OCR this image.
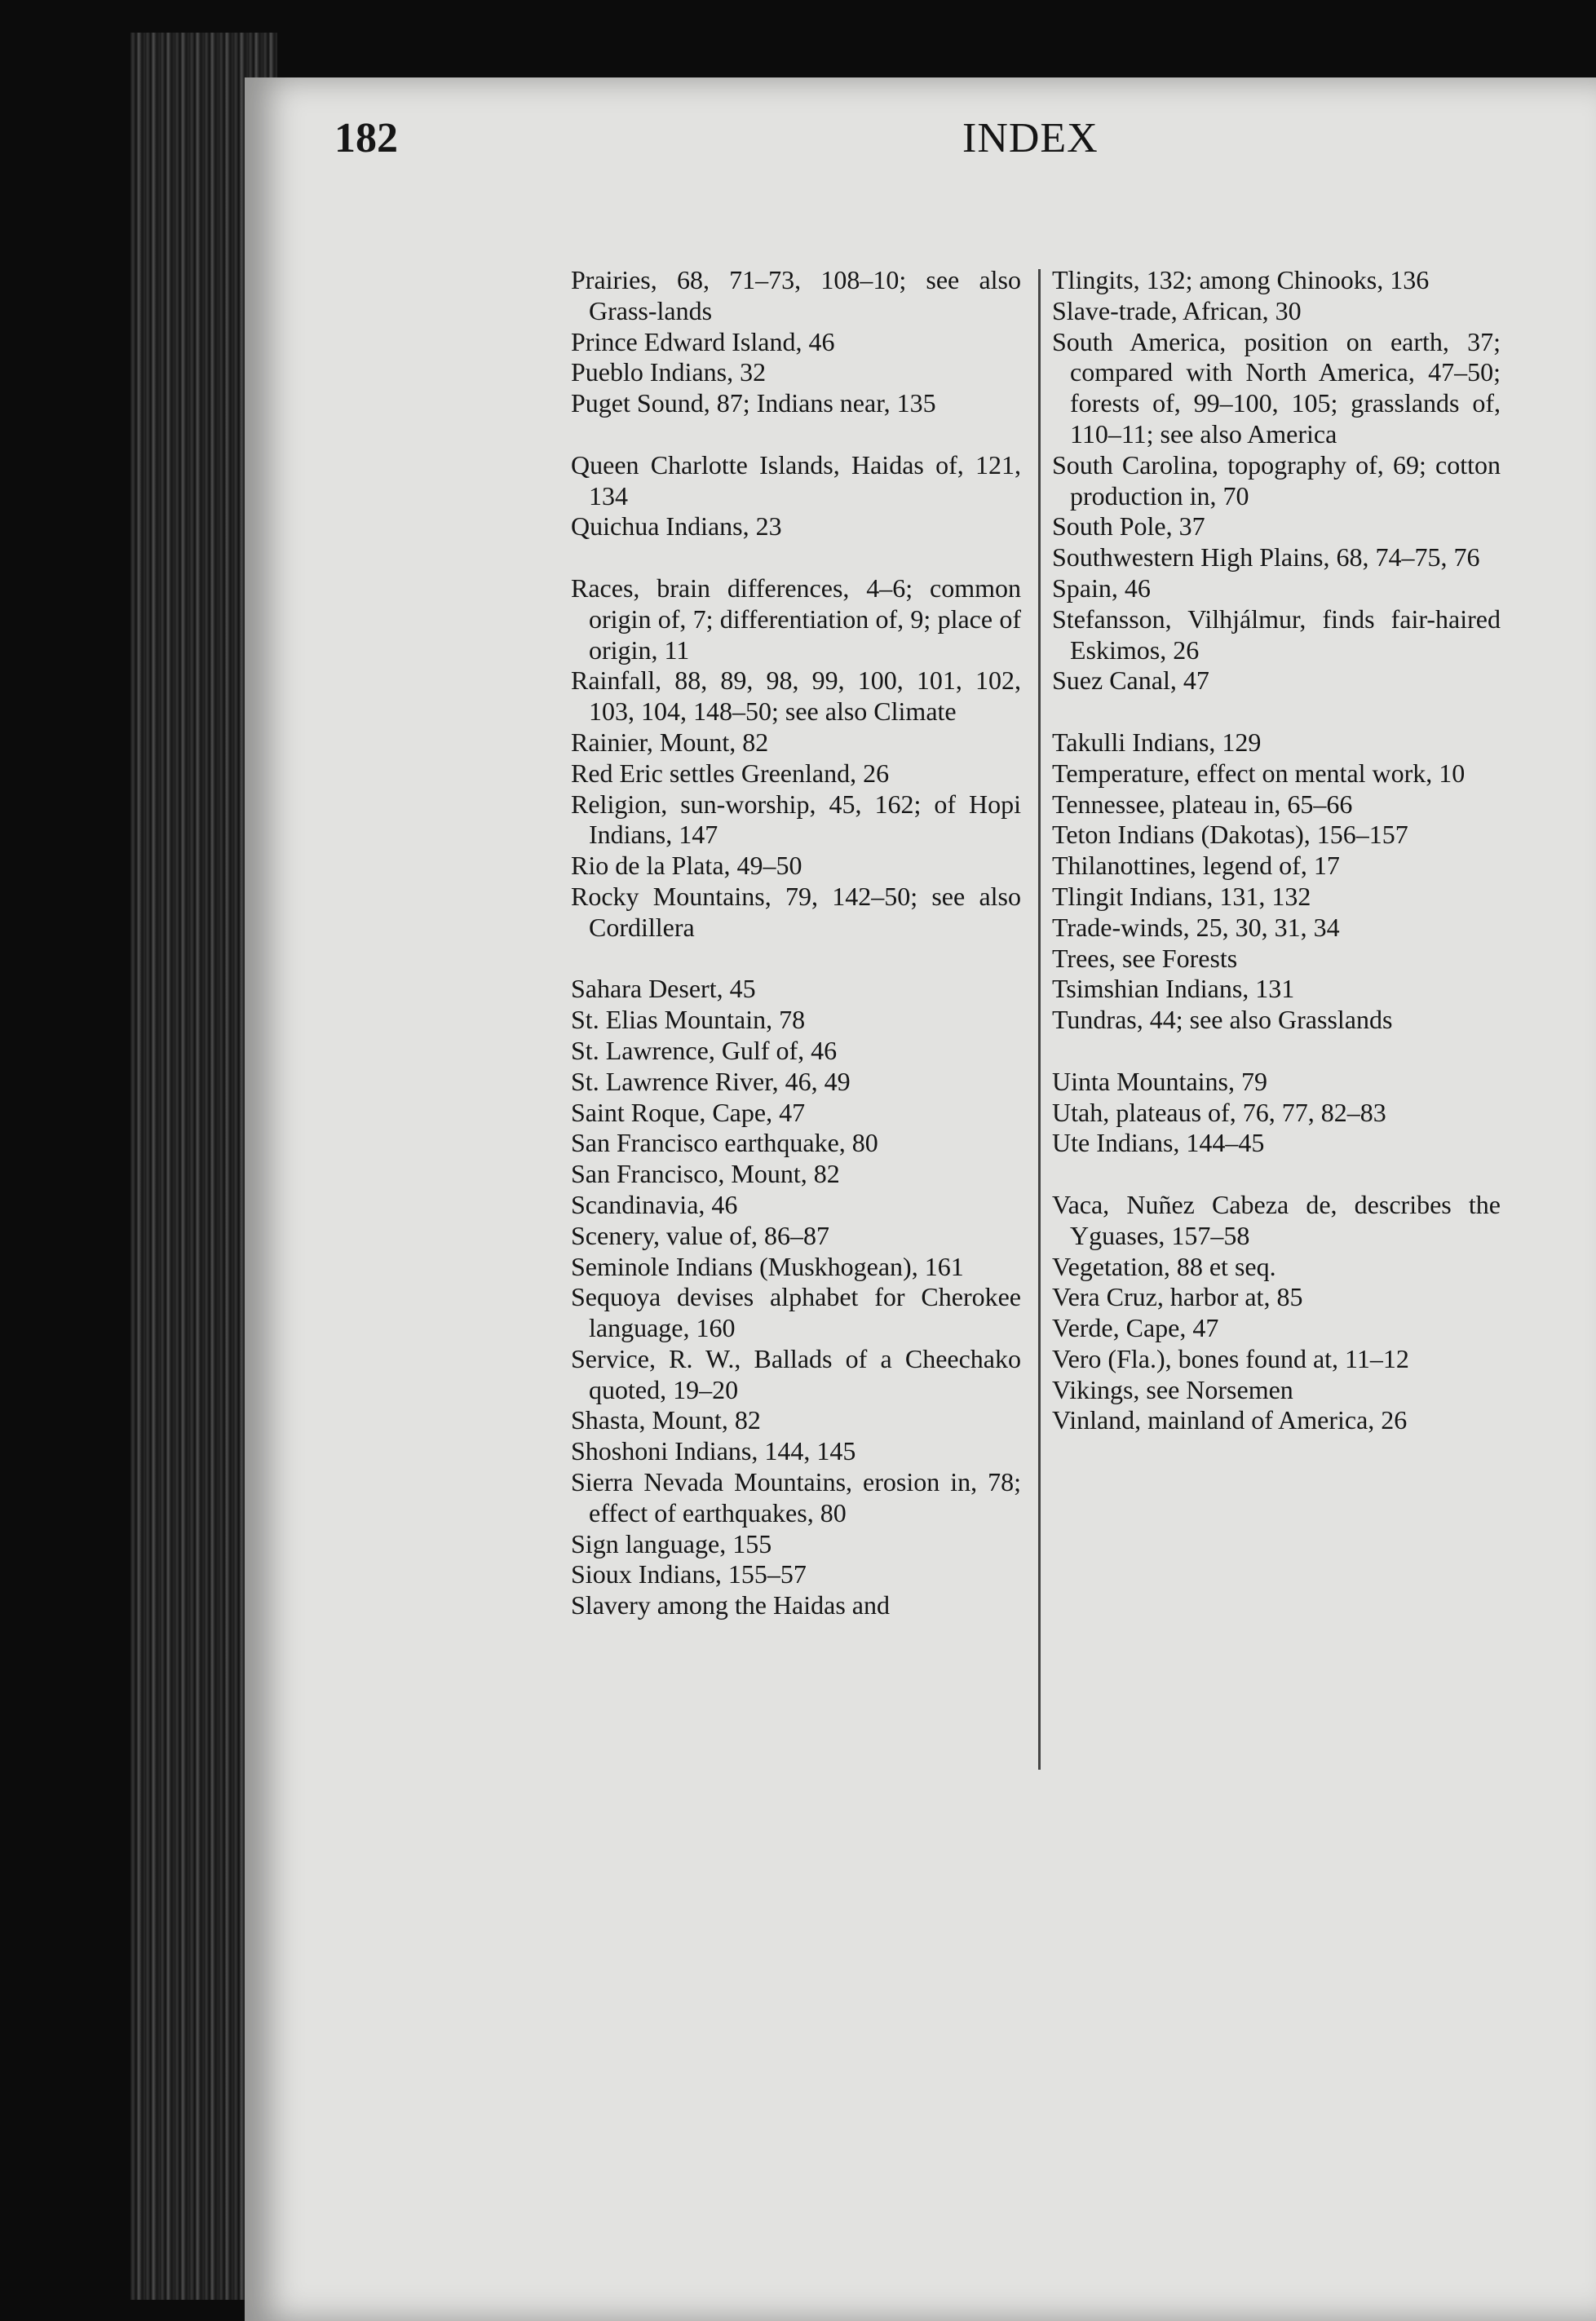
182	INDEX
Prairies, 68, 71–73, 108–10; see also Grass-lands
Prince Edward Island, 46
Pueblo Indians, 32
Puget Sound, 87; Indians near, 135
Queen Charlotte Islands, Haidas of, 121, 134
Quichua Indians, 23
Races, brain differences, 4–6; common origin of, 7; differentiation of, 9; place of origin, 11
Rainfall, 88, 89, 98, 99, 100, 101, 102, 103, 104, 148–50; see also Climate
Rainier, Mount, 82
Red Eric settles Greenland, 26
Religion, sun-worship, 45, 162; of Hopi Indians, 147
Rio de la Plata, 49–50
Rocky Mountains, 79, 142–50; see also Cordillera
Sahara Desert, 45
St. Elias Mountain, 78
St. Lawrence, Gulf of, 46
St. Lawrence River, 46, 49
Saint Roque, Cape, 47
San Francisco earthquake, 80
San Francisco, Mount, 82
Scandinavia, 46
Scenery, value of, 86–87
Seminole Indians (Muskhogean), 161
Sequoya devises alphabet for Cherokee language, 160
Service, R. W., Ballads of a Cheechako quoted, 19–20
Shasta, Mount, 82
Shoshoni Indians, 144, 145
Sierra Nevada Mountains, erosion in, 78; effect of earthquakes, 80
Sign language, 155
Sioux Indians, 155–57
Slavery among the Haidas and
Tlingits, 132; among Chinooks, 136
Slave-trade, African, 30
South America, position on earth, 37; compared with North America, 47–50; forests of, 99–100, 105; grasslands of, 110–11; see also America
South Carolina, topography of, 69; cotton production in, 70
South Pole, 37
Southwestern High Plains, 68, 74–75, 76
Spain, 46
Stefansson, Vilhjálmur, finds fair-haired Eskimos, 26
Suez Canal, 47
Takulli Indians, 129
Temperature, effect on mental work, 10
Tennessee, plateau in, 65–66
Teton Indians (Dakotas), 156–157
Thilanottines, legend of, 17
Tlingit Indians, 131, 132
Trade-winds, 25, 30, 31, 34
Trees, see Forests
Tsimshian Indians, 131
Tundras, 44; see also Grasslands
Uinta Mountains, 79
Utah, plateaus of, 76, 77, 82–83
Ute Indians, 144–45
Vaca, Nuñez Cabeza de, describes the Yguases, 157–58
Vegetation, 88 et seq.
Vera Cruz, harbor at, 85
Verde, Cape, 47
Vero (Fla.), bones found at, 11–12
Vikings, see Norsemen
Vinland, mainland of America, 26
